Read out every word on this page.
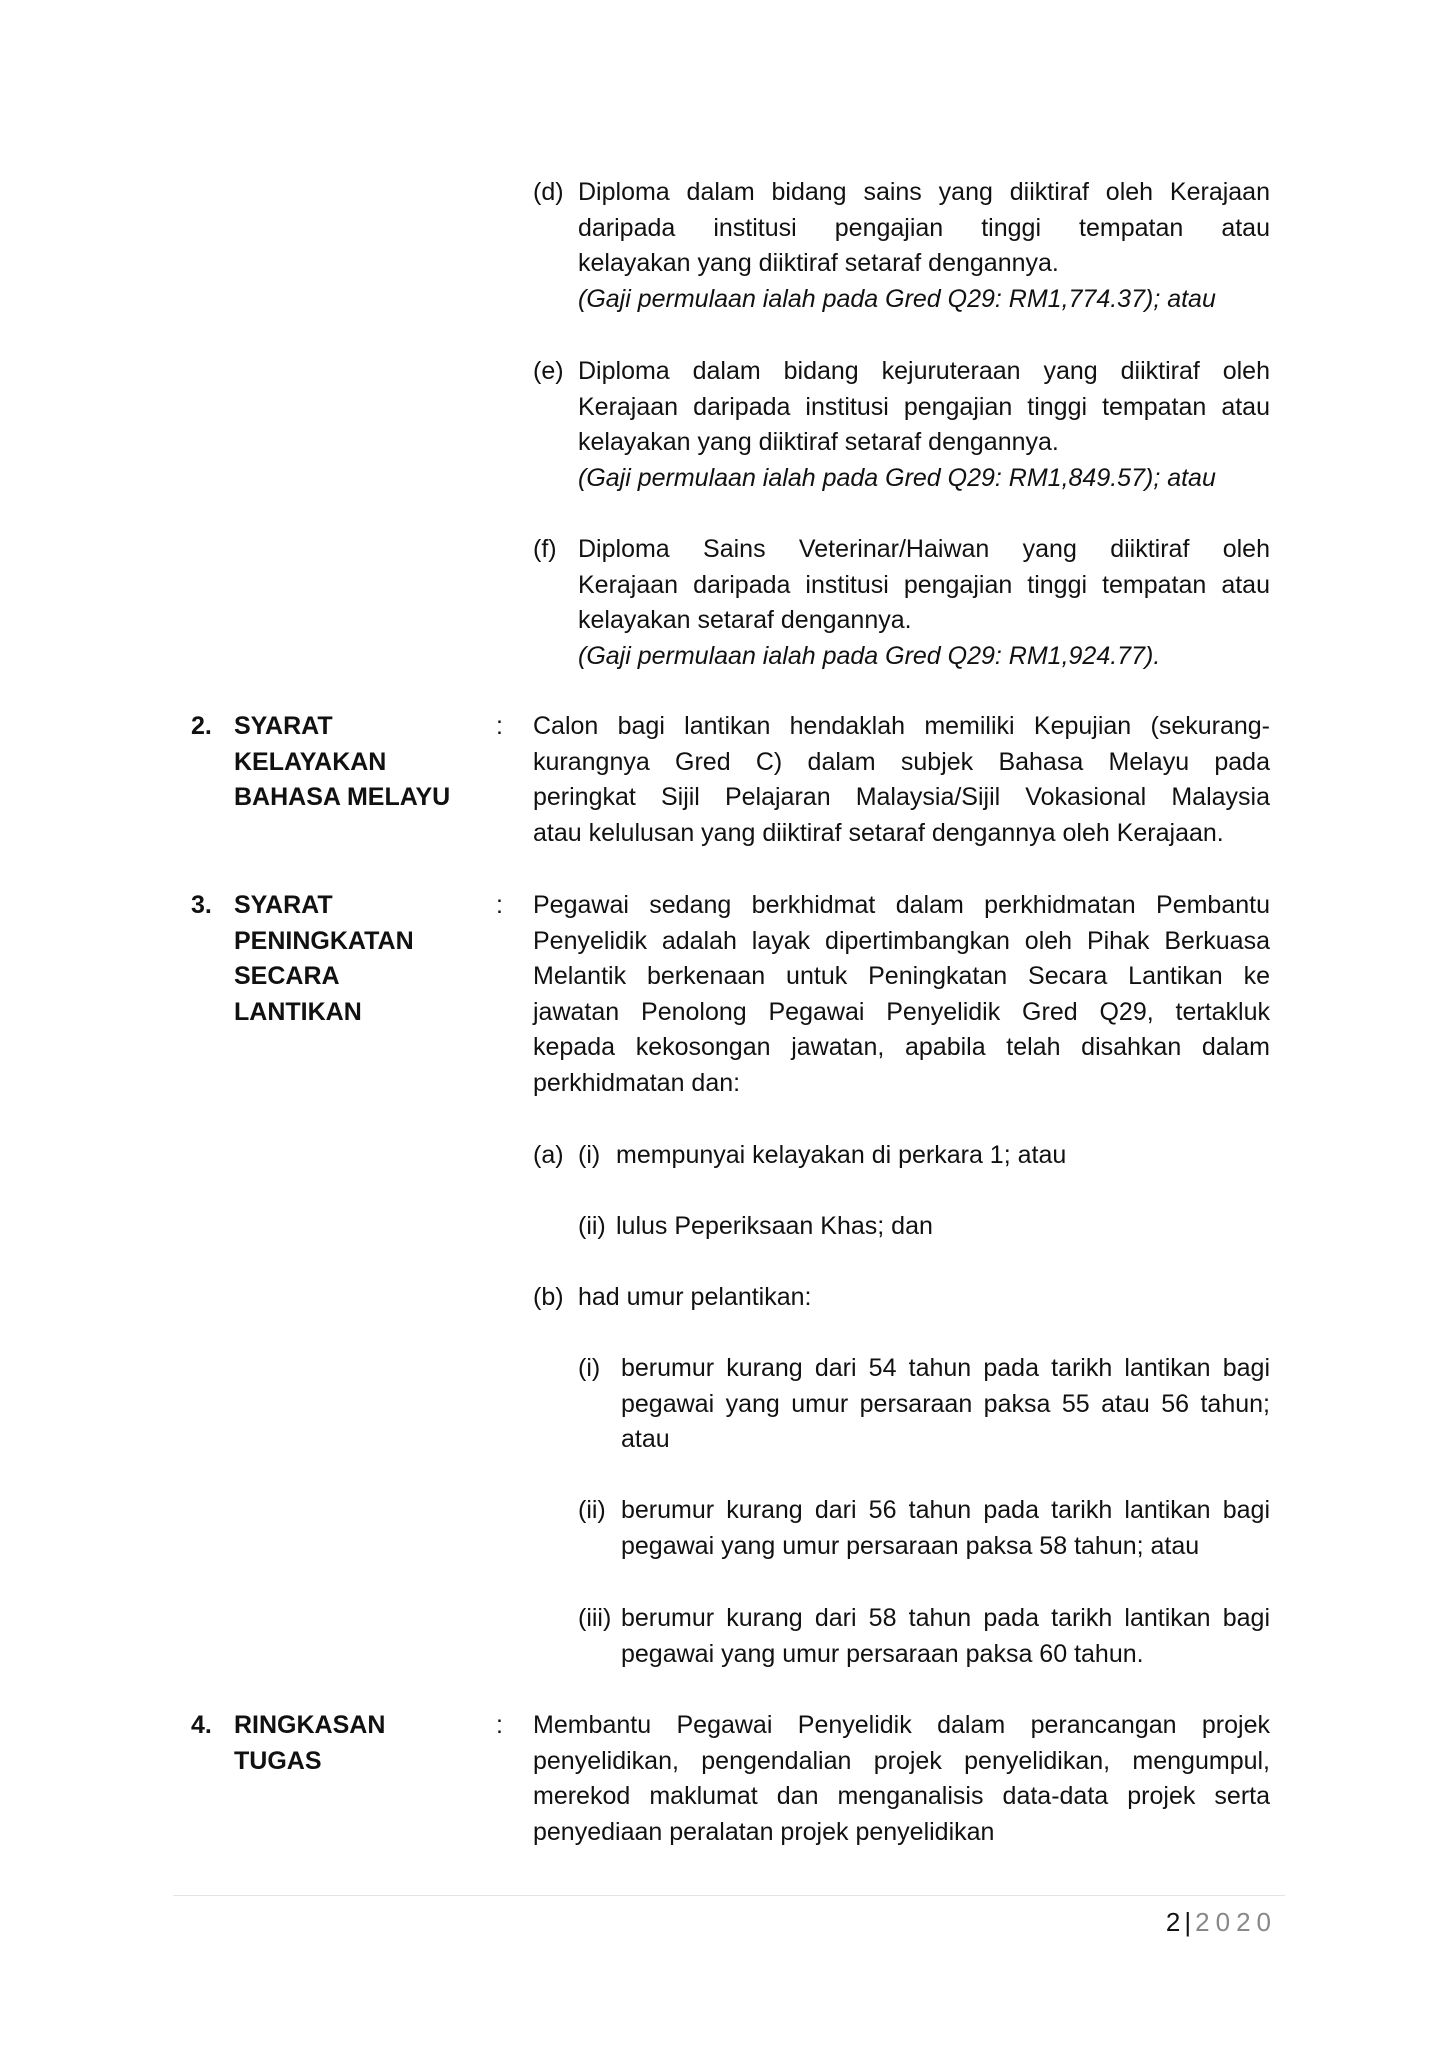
(d) Diploma dalam bidang sains yang diiktiraf oleh Kerajaan
daripada institusi pengajian tinggi tempatan atau
kelayakan yang diiktiraf setaraf dengannya.
(Gaji permulaan ialah pada Gred Q29: RM1,774.37); atau
(e) Diploma dalam bidang kejuruteraan yang diiktiraf oleh
Kerajaan daripada institusi pengajian tinggi tempatan atau
kelayakan yang diiktiraf setaraf dengannya.
(Gaji permulaan ialah pada Gred Q29: RM1,849.57); atau
(f) Diploma Sains Veterinar/Haiwan yang diiktiraf oleh
Kerajaan daripada institusi pengajian tinggi tempatan atau
kelayakan setaraf dengannya.
(Gaji permulaan ialah pada Gred Q29: RM1,924.77).
2. SYARAT
KELAYAKAN
BAHASA MELAYU
: Calon bagi lantikan hendaklah memiliki Kepujian (sekurang-
kurangnya Gred C) dalam subjek Bahasa Melayu pada
peringkat Sijil Pelajaran Malaysia/Sijil Vokasional Malaysia
atau kelulusan yang diiktiraf setaraf dengannya oleh Kerajaan.
3. SYARAT
PENINGKATAN
SECARA
LANTIKAN
: Pegawai sedang berkhidmat dalam perkhidmatan Pembantu
Penyelidik adalah layak dipertimbangkan oleh Pihak Berkuasa
Melantik berkenaan untuk Peningkatan Secara Lantikan ke
jawatan Penolong Pegawai Penyelidik Gred Q29, tertakluk
kepada kekosongan jawatan, apabila telah disahkan dalam
perkhidmatan dan:
4. RINGKASAN
TUGAS
: Membantu Pegawai Penyelidik dalam perancangan projek
penyelidikan, pengendalian projek penyelidikan, mengumpul,
merekod maklumat dan menganalisis data-data projek serta
penyediaan peralatan projek penyelidikan
(a) (i) mempunyai kelayakan di perkara 1; atau
(ii) lulus Peperiksaan Khas; dan
(b) had umur pelantikan:
(i) berumur kurang dari 54 tahun pada tarikh lantikan bagi
pegawai yang umur persaraan paksa 55 atau 56 tahun;
atau
(ii) berumur kurang dari 56 tahun pada tarikh lantikan bagi
pegawai yang umur persaraan paksa 58 tahun; atau
(iii) berumur kurang dari 58 tahun pada tarikh lantikan bagi
pegawai yang umur persaraan paksa 60 tahun.
2 | 2020
